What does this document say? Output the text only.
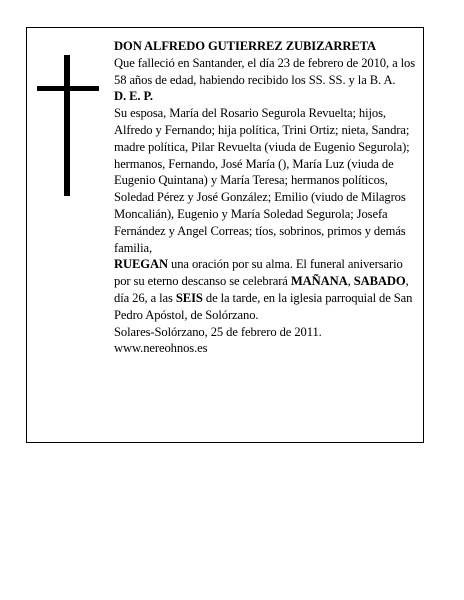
DON ALFREDO GUTIERREZ ZUBIZARRETA

Que falleció en Santander, el día 23 de febrero de 2010, a los 58 años de edad, habiendo recibido los SS. SS. y la B. A.

D. E. P.

Su esposa, María del Rosario Segurola Revuelta; hijos, Alfredo y Fernando; hija política, Trini Ortiz; nieta, Sandra; madre política, Pilar Revuelta (viuda de Eugenio Segurola); hermanos, Fernando, José María (), María Luz (viuda de Eugenio Quintana) y María Teresa; hermanos políticos, Soledad Pérez y José González; Emilio (viudo de Milagros Moncalián), Eugenio y María Soledad Segurola; Josefa Fernández y Angel Correas; tíos, sobrinos, primos y demás familia,

RUEGAN una oración por su alma. El funeral aniversario por su eterno descanso se celebrará MAÑANA, SABADO, día 26, a las SEIS de la tarde, en la iglesia parroquial de San Pedro Apóstol, de Solórzano.

Solares-Solórzano, 25 de febrero de 2011.

www.nereohnos.es
